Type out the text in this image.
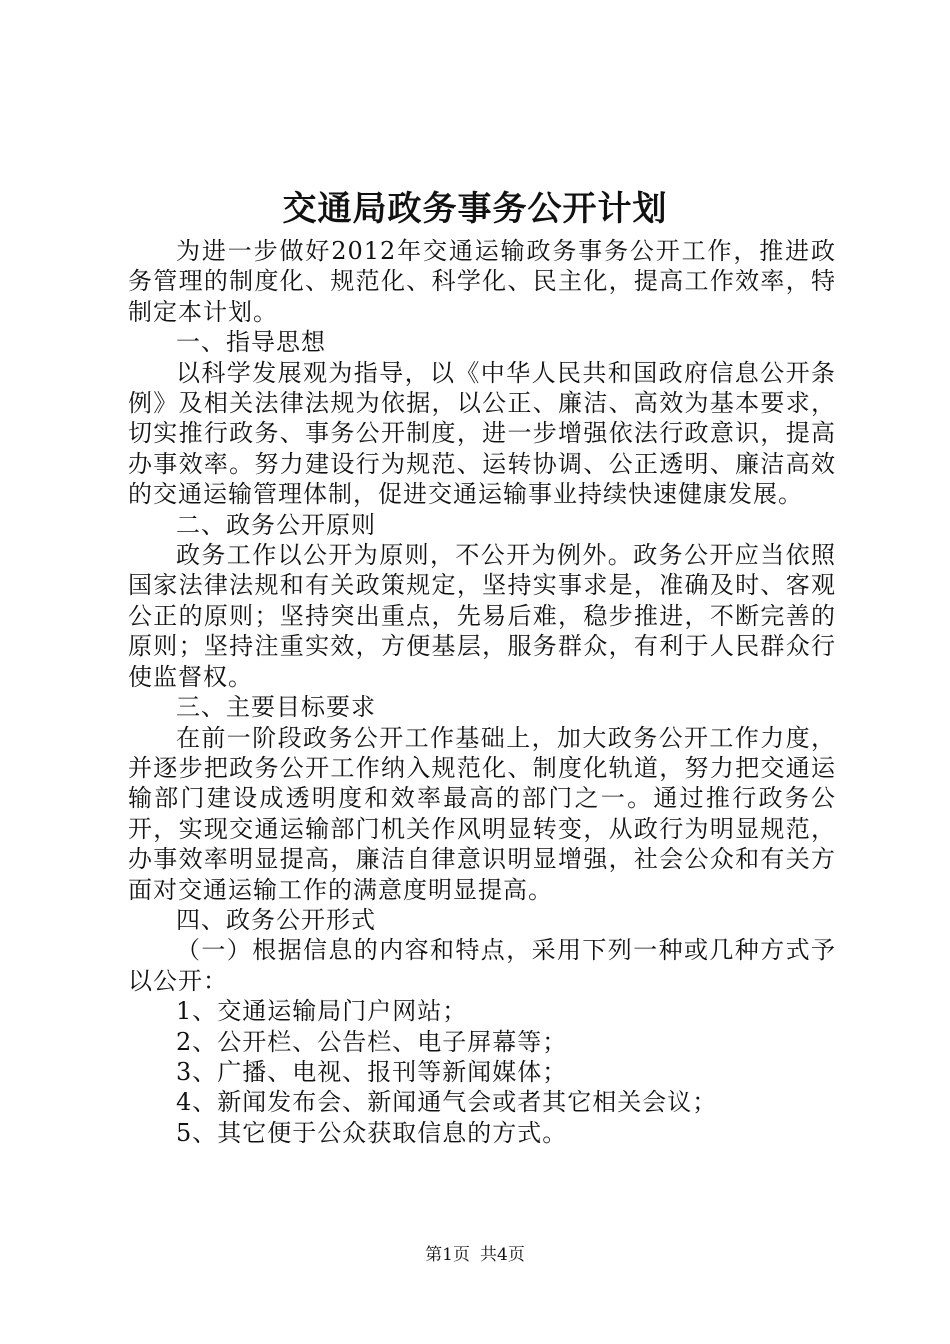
交通局政务事务公开计划

为进一步做好2012年交通运输政务事务公开工作，推进政务管理的制度化、规范化、科学化、民主化，提高工作效率，特制定本计划。

一、指导思想

以科学发展观为指导，以《中华人民共和国政府信息公开条例》及相关法律法规为依据，以公正、廉洁、高效为基本要求，切实推行政务、事务公开制度，进一步增强依法行政意识，提高办事效率。努力建设行为规范、运转协调、公正透明、廉洁高效的交通运输管理体制，促进交通运输事业持续快速健康发展。

二、政务公开原则

政务工作以公开为原则，不公开为例外。政务公开应当依照国家法律法规和有关政策规定，坚持实事求是，准确及时、客观公正的原则；坚持突出重点，先易后难，稳步推进，不断完善的原则；坚持注重实效，方便基层，服务群众，有利于人民群众行使监督权。

三、主要目标要求

在前一阶段政务公开工作基础上，加大政务公开工作力度，并逐步把政务公开工作纳入规范化、制度化轨道，努力把交通运输部门建设成透明度和效率最高的部门之一。通过推行政务公开，实现交通运输部门机关作风明显转变，从政行为明显规范，办事效率明显提高，廉洁自律意识明显增强，社会公众和有关方面对交通运输工作的满意度明显提高。

四、政务公开形式

（一）根据信息的内容和特点，采用下列一种或几种方式予以公开：

1、交通运输局门户网站；

2、公开栏、公告栏、电子屏幕等；

3、广播、电视、报刊等新闻媒体；

4、新闻发布会、新闻通气会或者其它相关会议；

5、其它便于公众获取信息的方式。

第1页 共4页
